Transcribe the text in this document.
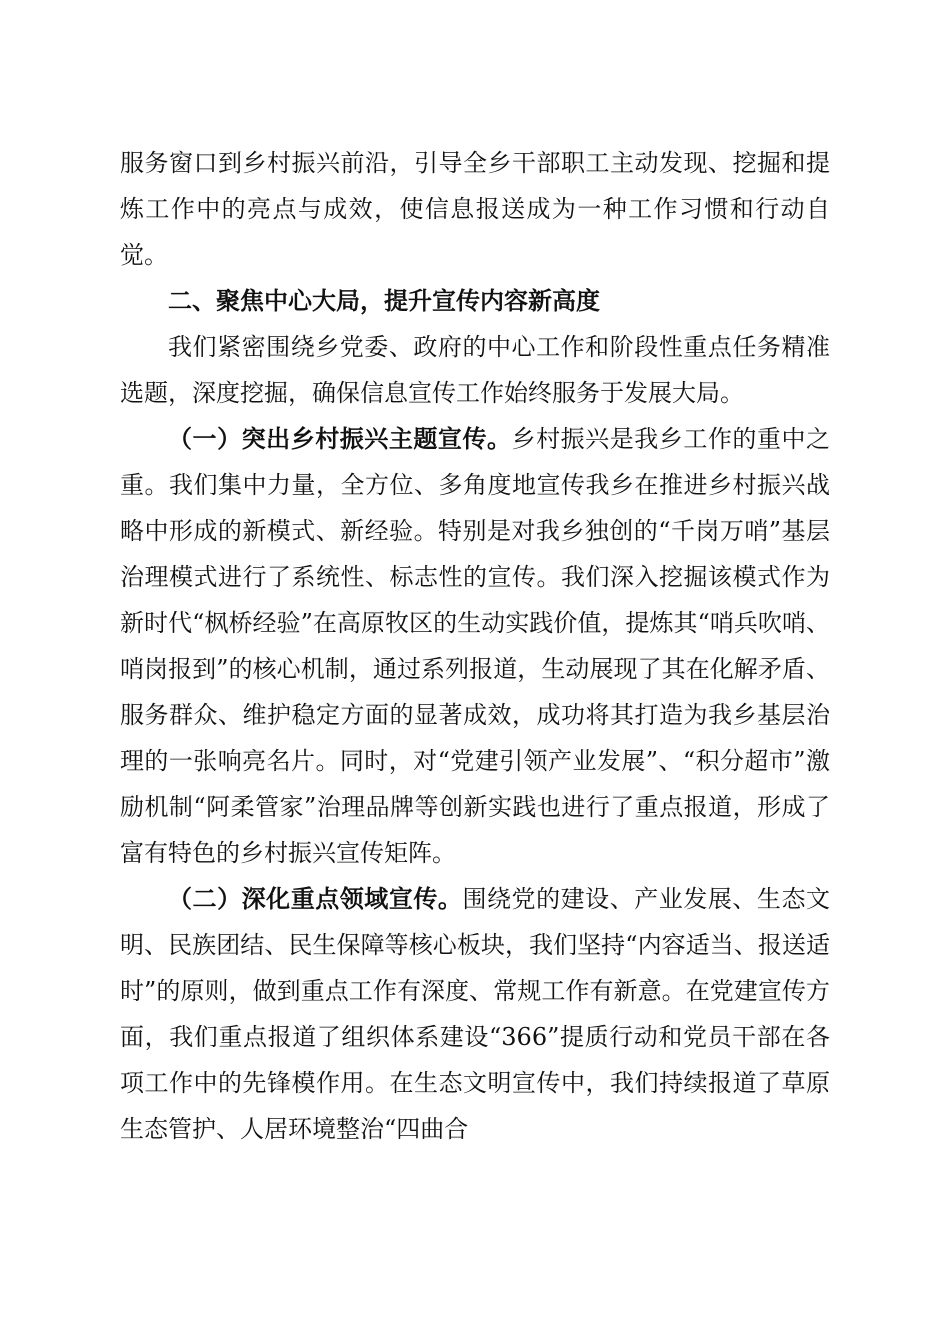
服务窗口到乡村振兴前沿，引导全乡干部职工主动发现、挖掘和提炼工作中的亮点与成效，使信息报送成为一种工作习惯和行动自觉。

二、聚焦中心大局，提升宣传内容新高度

我们紧密围绕乡党委、政府的中心工作和阶段性重点任务精准选题，深度挖掘，确保信息宣传工作始终服务于发展大局。

（一）突出乡村振兴主题宣传。乡村振兴是我乡工作的重中之重。我们集中力量，全方位、多角度地宣传我乡在推进乡村振兴战略中形成的新模式、新经验。特别是对我乡独创的“千岗万哨”基层治理模式进行了系统性、标志性的宣传。我们深入挖掘该模式作为新时代“枫桥经验”在高原牧区的生动实践价值，提炼其“哨兵吹哨、哨岗报到”的核心机制，通过系列报道，生动展现了其在化解矛盾、服务群众、维护稳定方面的显著成效，成功将其打造为我乡基层治理的一张响亮名片。同时，对“党建引领产业发展”、“积分超市”激励机制“阿柔管家”治理品牌等创新实践也进行了重点报道，形成了富有特色的乡村振兴宣传矩阵。

（二）深化重点领域宣传。围绕党的建设、产业发展、生态文明、民族团结、民生保障等核心板块，我们坚持“内容适当、报送适时”的原则，做到重点工作有深度、常规工作有新意。在党建宣传方面，我们重点报道了组织体系建设“366”提质行动和党员干部在各项工作中的先锋模作用。在生态文明宣传中，我们持续报道了草原生态管护、人居环境整治“四曲合
